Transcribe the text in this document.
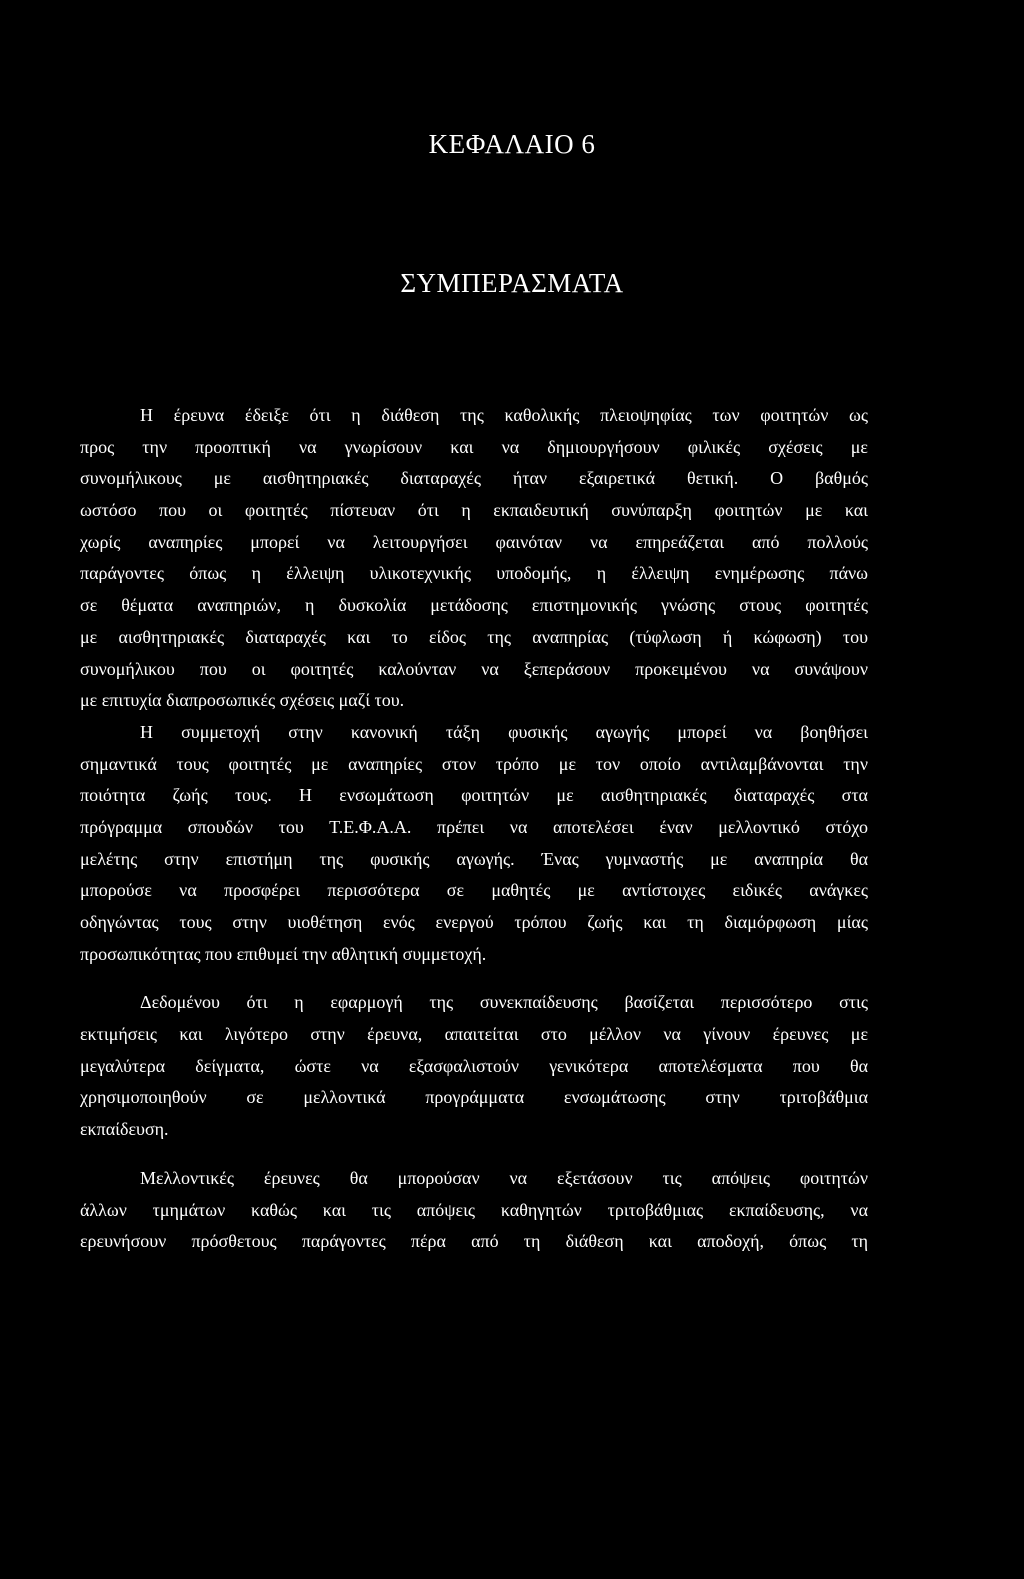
ΚΕΦΑΛΑΙΟ 6
ΣΥΜΠΕΡΑΣΜΑΤΑ
Η έρευνα έδειξε ότι η διάθεση της καθολικής πλειοψηφίας των φοιτητών ως
προς την προοπτική να γνωρίσουν και να δημιουργήσουν φιλικές σχέσεις με
συνομήλικους με αισθητηριακές διαταραχές ήταν εξαιρετικά θετική. Ο βαθμός
ωστόσο που οι φοιτητές πίστευαν ότι η εκπαιδευτική συνύπαρξη φοιτητών με και
χωρίς αναπηρίες μπορεί να λειτουργήσει φαινόταν να επηρεάζεται από πολλούς
παράγοντες όπως η έλλειψη υλικοτεχνικής υποδομής, η έλλειψη ενημέρωσης πάνω
σε θέματα αναπηριών, η δυσκολία μετάδοσης επιστημονικής γνώσης στους φοιτητές
με αισθητηριακές διαταραχές και το είδος της αναπηρίας (τύφλωση ή κώφωση) του
συνομήλικου που οι φοιτητές καλούνταν να ξεπεράσουν προκειμένου να συνάψουν
με επιτυχία διαπροσωπικές σχέσεις μαζί του.
Η συμμετοχή στην κανονική τάξη φυσικής αγωγής μπορεί να βοηθήσει
σημαντικά τους φοιτητές με αναπηρίες στον τρόπο με τον οποίο αντιλαμβάνονται την
ποιότητα ζωής τους. Η ενσωμάτωση φοιτητών με αισθητηριακές διαταραχές στα
πρόγραμμα σπουδών του Τ.Ε.Φ.Α.Α. πρέπει να αποτελέσει έναν μελλοντικό στόχο
μελέτης στην επιστήμη της φυσικής αγωγής. Ένας γυμναστής με αναπηρία θα
μπορούσε να προσφέρει περισσότερα σε μαθητές με αντίστοιχες ειδικές ανάγκες
οδηγώντας τους στην υιοθέτηση ενός ενεργού τρόπου ζωής και τη διαμόρφωση μίας
προσωπικότητας που επιθυμεί την αθλητική συμμετοχή.
Δεδομένου ότι η εφαρμογή της συνεκπαίδευσης βασίζεται περισσότερο στις
εκτιμήσεις και λιγότερο στην έρευνα, απαιτείται στο μέλλον να γίνουν έρευνες με
μεγαλύτερα δείγματα, ώστε να εξασφαλιστούν γενικότερα αποτελέσματα που θα
χρησιμοποιηθούν σε μελλοντικά προγράμματα ενσωμάτωσης στην τριτοβάθμια
εκπαίδευση.
Μελλοντικές έρευνες θα μπορούσαν να εξετάσουν τις απόψεις φοιτητών
άλλων τμημάτων καθώς και τις απόψεις καθηγητών τριτοβάθμιας εκπαίδευσης, να
ερευνήσουν πρόσθετους παράγοντες πέρα από τη διάθεση και αποδοχή, όπως τη
